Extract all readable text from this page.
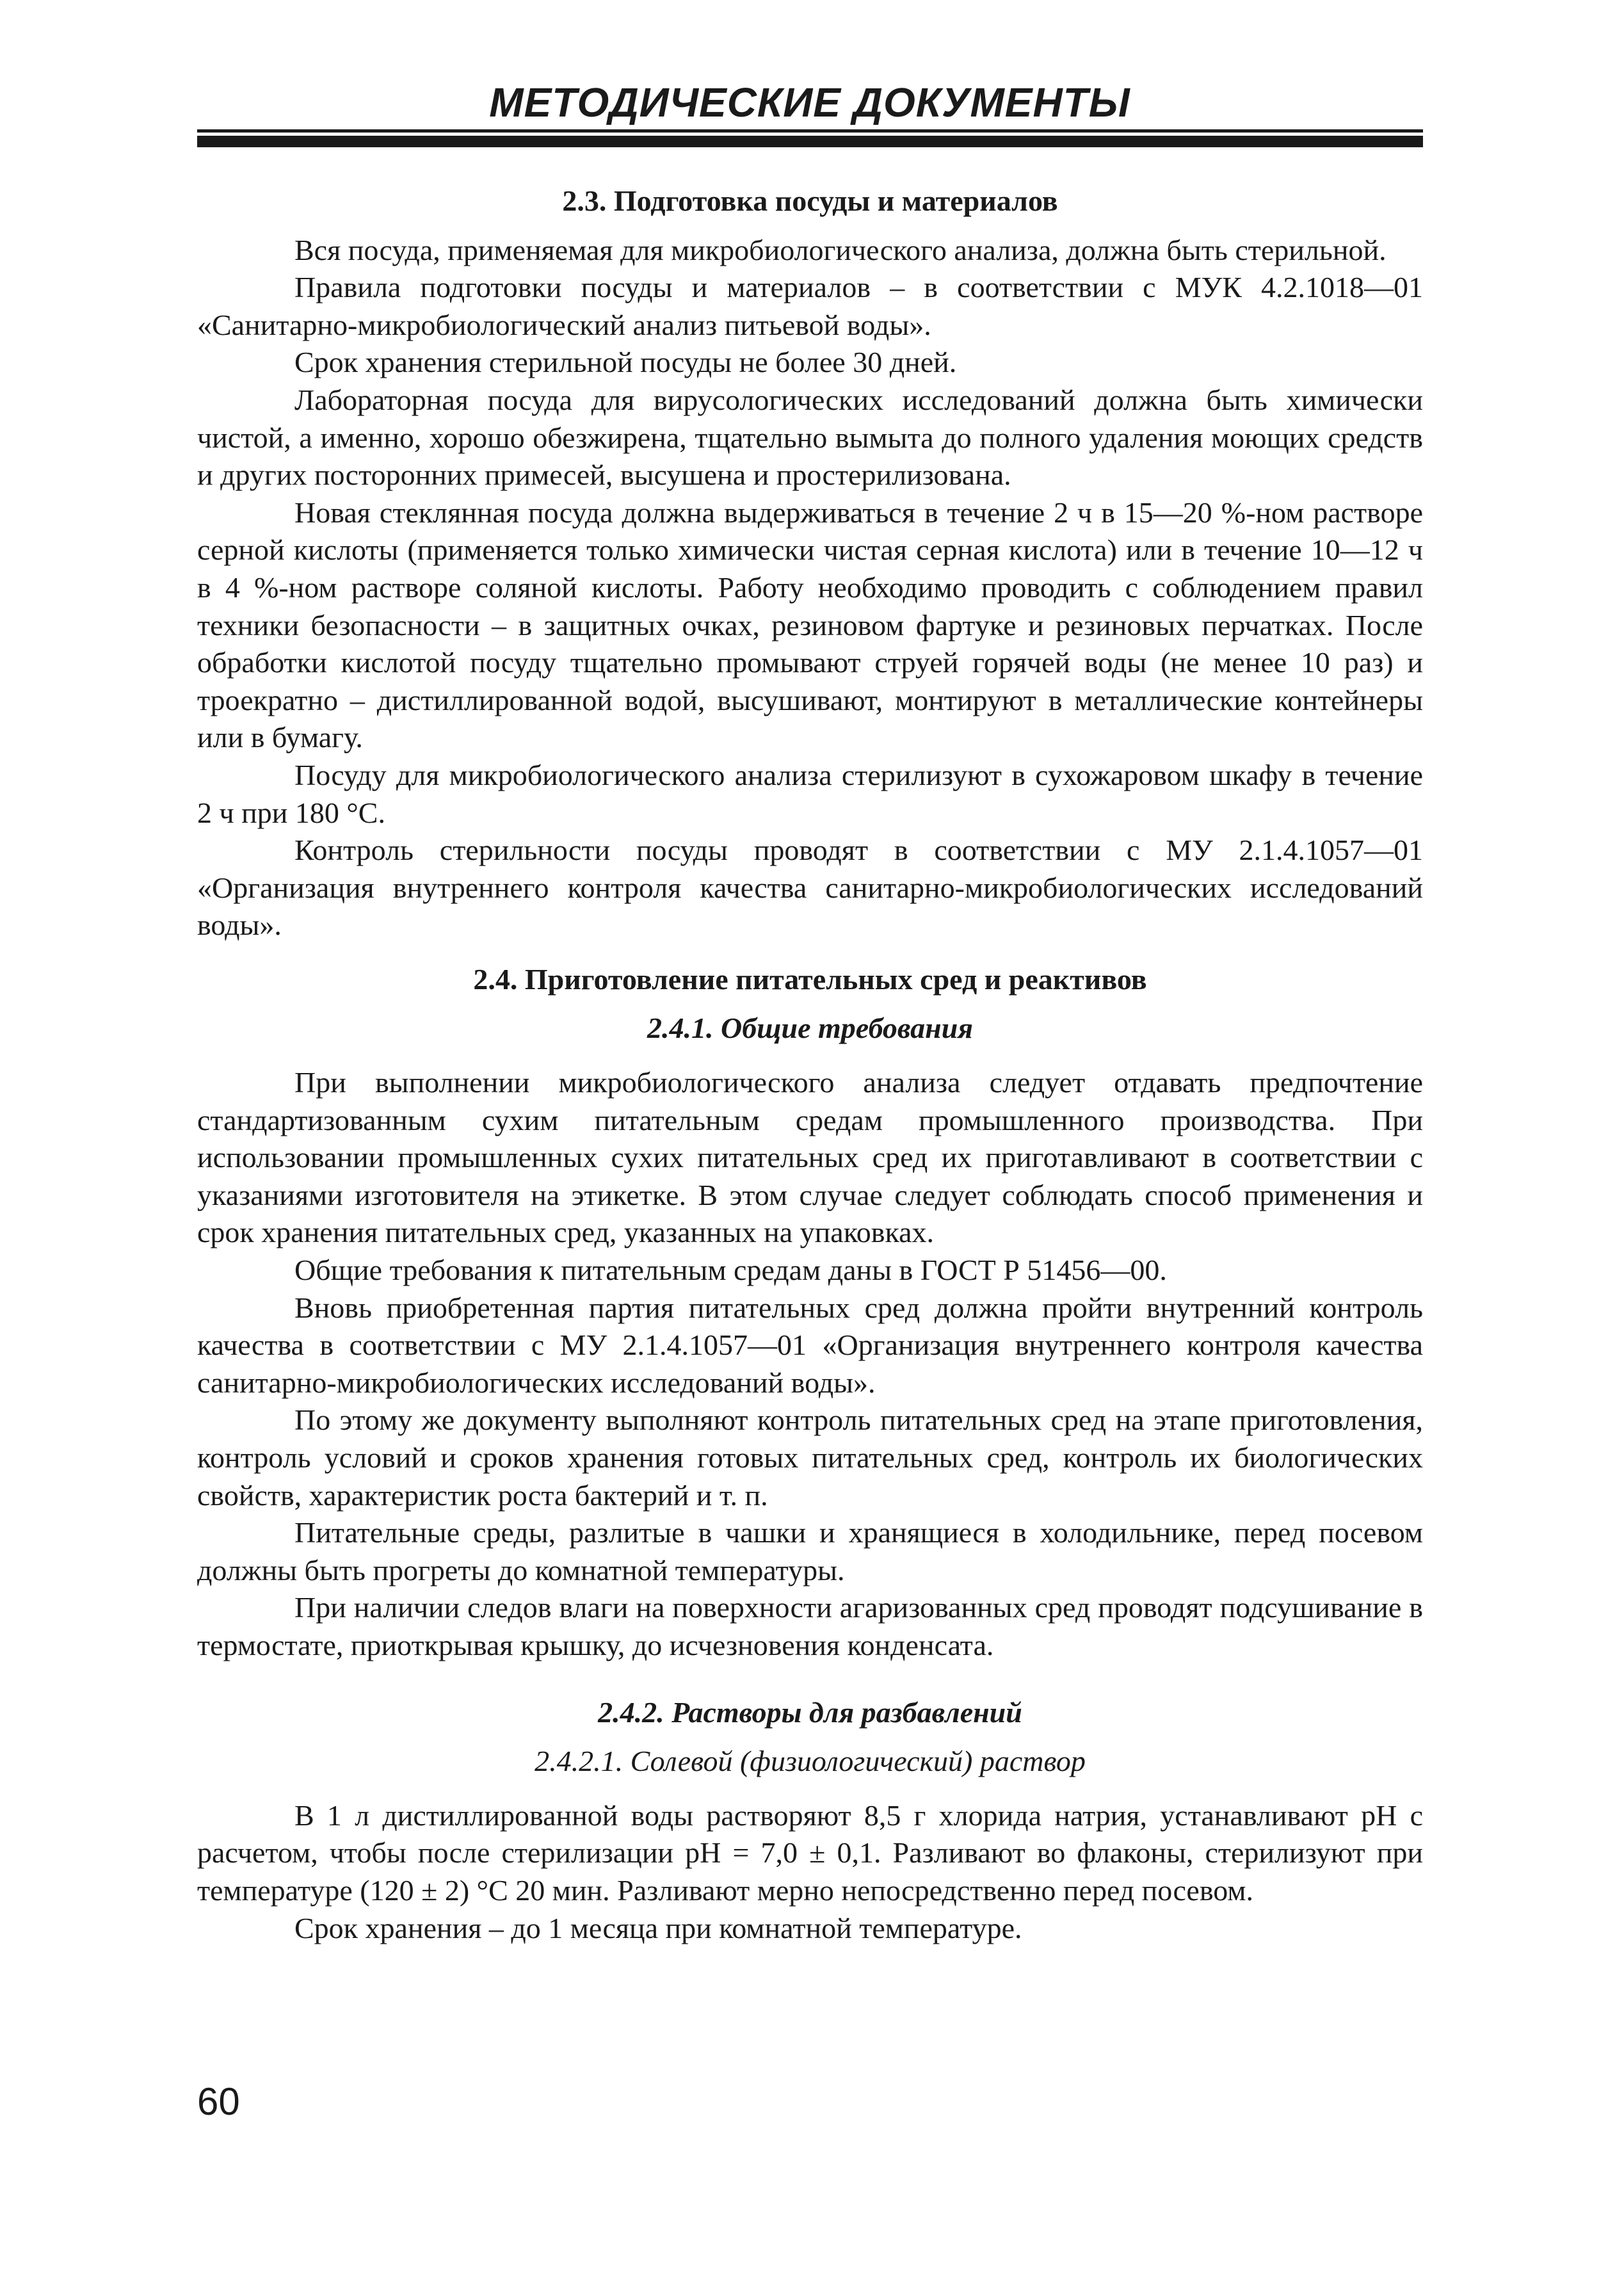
МЕТОДИЧЕСКИЕ ДОКУМЕНТЫ
2.3. Подготовка посуды и материалов

Вся посуда, применяемая для микробиологического анализа, должна быть стерильной.

Правила подготовки посуды и материалов – в соответствии с МУК 4.2.1018—01 «Санитарно-микробиологический анализ питьевой воды».

Срок хранения стерильной посуды не более 30 дней.

Лабораторная посуда для вирусологических исследований должна быть химически чистой, а именно, хорошо обезжирена, тщательно вымыта до полного удаления моющих средств и других посторонних примесей, высушена и простерилизована.

Новая стеклянная посуда должна выдерживаться в течение 2 ч в 15—20 %-ном растворе серной кислоты (применяется только химически чистая серная кислота) или в течение 10—12 ч в 4 %-ном растворе соляной кислоты. Работу необходимо проводить с соблюдением правил техники безопасности – в защитных очках, резиновом фартуке и резиновых перчатках. После обработки кислотой посуду тщательно промывают струей горячей воды (не менее 10 раз) и троекратно – дистиллированной водой, высушивают, монтируют в металлические контейнеры или в бумагу.

Посуду для микробиологического анализа стерилизуют в сухожаровом шкафу в течение 2 ч при 180 °С.

Контроль стерильности посуды проводят в соответствии с МУ 2.1.4.1057—01 «Организация внутреннего контроля качества санитарно-микробиологических исследований воды».

2.4. Приготовление питательных сред и реактивов
2.4.1. Общие требования

При выполнении микробиологического анализа следует отдавать предпочтение стандартизованным сухим питательным средам промышленного производства. При использовании промышленных сухих питательных сред их приготавливают в соответствии с указаниями изготовителя на этикетке. В этом случае следует соблюдать способ применения и срок хранения питательных сред, указанных на упаковках.

Общие требования к питательным средам даны в ГОСТ Р 51456—00.

Вновь приобретенная партия питательных сред должна пройти внутренний контроль качества в соответствии с МУ 2.1.4.1057—01 «Организация внутреннего контроля качества санитарно-микробиологических исследований воды».

По этому же документу выполняют контроль питательных сред на этапе приготовления, контроль условий и сроков хранения готовых питательных сред, контроль их биологических свойств, характеристик роста бактерий и т. п.

Питательные среды, разлитые в чашки и хранящиеся в холодильнике, перед посевом должны быть прогреты до комнатной температуры.

При наличии следов влаги на поверхности агаризованных сред проводят подсушивание в термостате, приоткрывая крышку, до исчезновения конденсата.

2.4.2. Растворы для разбавлений
2.4.2.1. Солевой (физиологический) раствор

В 1 л дистиллированной воды растворяют 8,5 г хлорида натрия, устанавливают рН с расчетом, чтобы после стерилизации рН = 7,0 ± 0,1. Разливают во флаконы, стерилизуют при температуре (120 ± 2) °С 20 мин. Разливают мерно непосредственно перед посевом.

Срок хранения – до 1 месяца при комнатной температуре.

60
